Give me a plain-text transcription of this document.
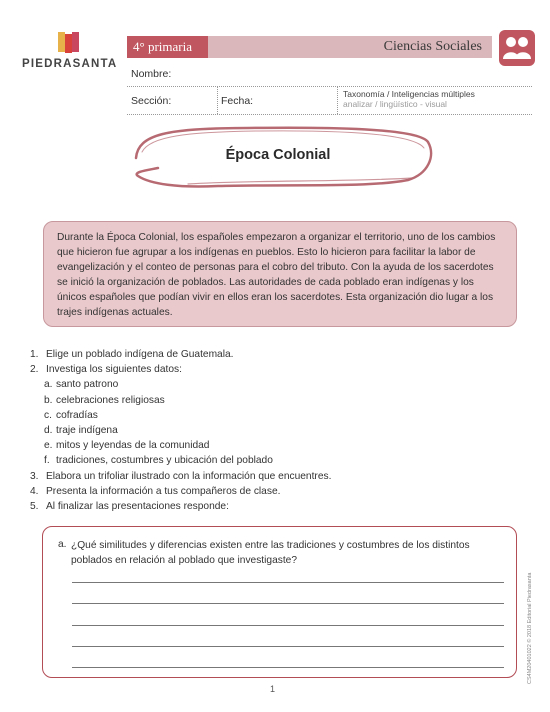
PIEDRASANTA
4° primaria	Ciencias Sociales
Nombre:
Sección:	Fecha:
Taxonomía / Inteligencias múltiples
analizar / lingüístico - visual
Época Colonial

Durante la Época Colonial, los españoles empezaron a organizar el territorio, uno de los cambios que hicieron fue agrupar a los indígenas en pueblos. Esto lo hicieron para facilitar la labor de evangelización y el conteo de personas para el cobro del tributo. Con la ayuda de los sacerdotes se inició la organización de poblados. Las autoridades de cada poblado eran indígenas y los únicos españoles que podían vivir en ellos eran los sacerdotes. Esta organización dio lugar a los trajes indígenas actuales.

1. Elige un poblado indígena de Guatemala.
2. Investiga los siguientes datos:
a. santo patrono
b. celebraciones religiosas
c. cofradías
d. traje indígena
e. mitos y leyendas de la comunidad
f. tradiciones, costumbres y ubicación del poblado
3. Elabora un trifoliar ilustrado con la información que encuentres.
4. Presenta la información a tus compañeros de clase.
5. Al finalizar las presentaciones responde:
a. ¿Qué similitudes y diferencias existen entre las tradiciones y costumbres de los distintos poblados en relación al poblado que investigaste?
CS4M20401022 © 2018 Editorial Piedrasanta
1
